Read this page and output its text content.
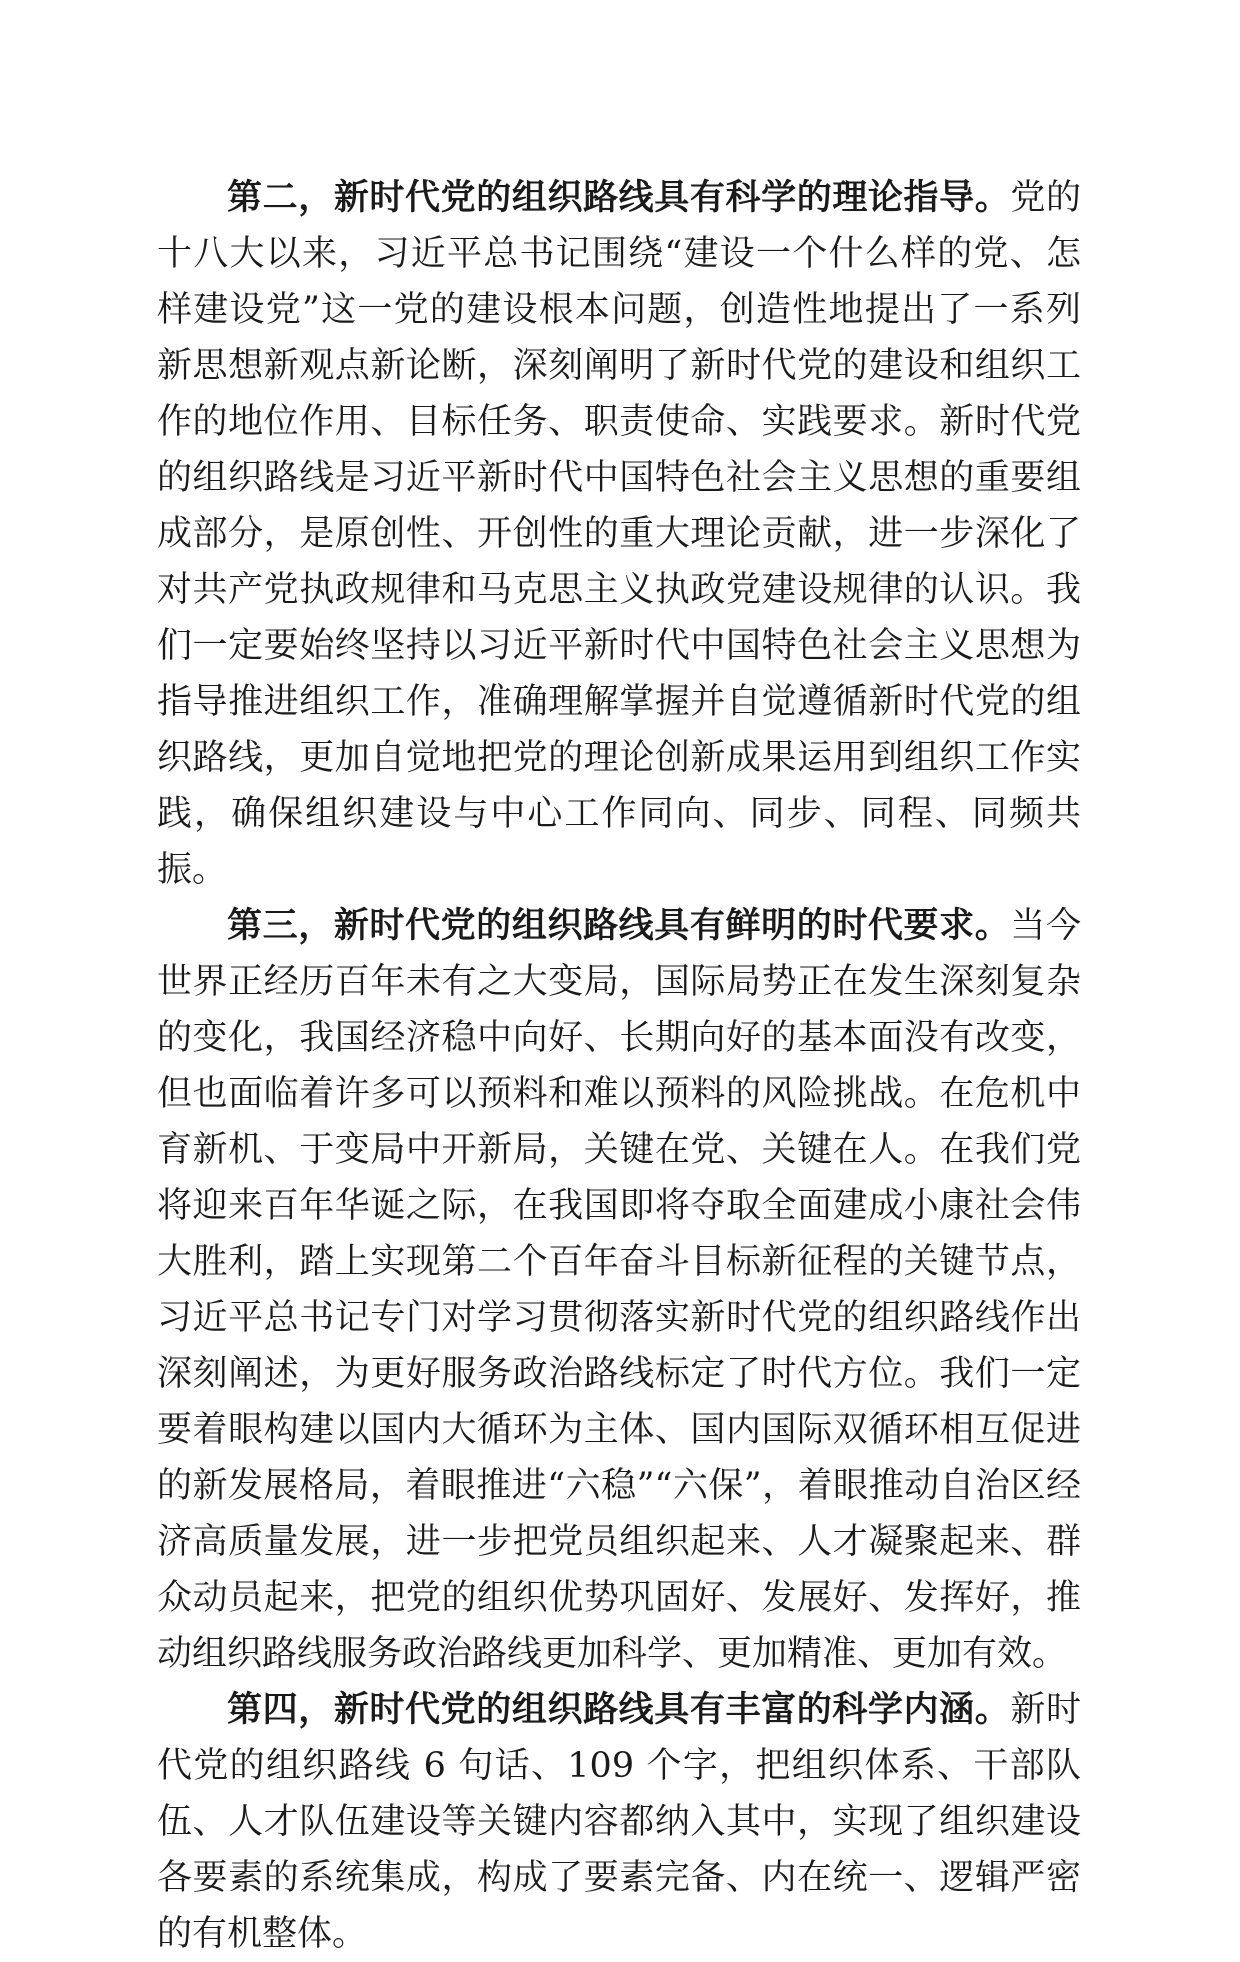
第二，新时代党的组织路线具有科学的理论指导。党的十八大以来，习近平总书记围绕“建设一个什么样的党、怎样建设党”这一党的建设根本问题，创造性地提出了一系列新思想新观点新论断，深刻阐明了新时代党的建设和组织工作的地位作用、目标任务、职责使命、实践要求。新时代党的组织路线是习近平新时代中国特色社会主义思想的重要组成部分，是原创性、开创性的重大理论贡献，进一步深化了对共产党执政规律和马克思主义执政党建设规律的认识。我们一定要始终坚持以习近平新时代中国特色社会主义思想为指导推进组织工作，准确理解掌握并自觉遵循新时代党的组织路线，更加自觉地把党的理论创新成果运用到组织工作实践，确保组织建设与中心工作同向、同步、同程、同频共振。

第三，新时代党的组织路线具有鲜明的时代要求。当今世界正经历百年未有之大变局，国际局势正在发生深刻复杂的变化，我国经济稳中向好、长期向好的基本面没有改变，但也面临着许多可以预料和难以预料的风险挑战。在危机中育新机、于变局中开新局，关键在党、关键在人。在我们党将迎来百年华诞之际，在我国即将夺取全面建成小康社会伟大胜利，踏上实现第二个百年奋斗目标新征程的关键节点，习近平总书记专门对学习贯彻落实新时代党的组织路线作出深刻阐述，为更好服务政治路线标定了时代方位。我们一定要着眼构建以国内大循环为主体、国内国际双循环相互促进的新发展格局，着眼推进“六稳”“六保”，着眼推动自治区经济高质量发展，进一步把党员组织起来、人才凝聚起来、群众动员起来，把党的组织优势巩固好、发展好、发挥好，推动组织路线服务政治路线更加科学、更加精准、更加有效。

第四，新时代党的组织路线具有丰富的科学内涵。新时代党的组织路线 6 句话、109 个字，把组织体系、干部队伍、人才队伍建设等关键内容都纳入其中，实现了组织建设各要素的系统集成，构成了要素完备、内在统一、逻辑严密的有机整体。
